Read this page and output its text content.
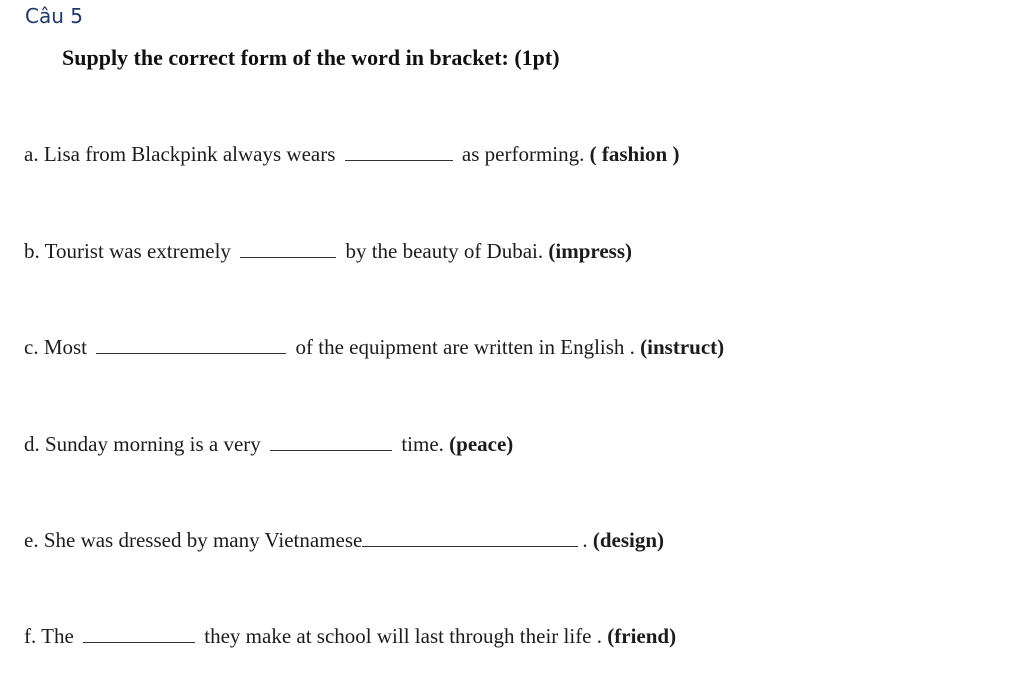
Câu 5
Supply the correct form of the word in bracket: (1pt)
a. Lisa from Blackpink always wears	as performing. ( fashion )
b. Tourist was extremely	by the beauty of Dubai. (impress)
c. Most	of the equipment are written in English . (instruct)
d. Sunday morning is a very	time. (peace)
e. She was dressed by many Vietnamese	. (design)
f. The	they make at school will last through their life . (friend)
